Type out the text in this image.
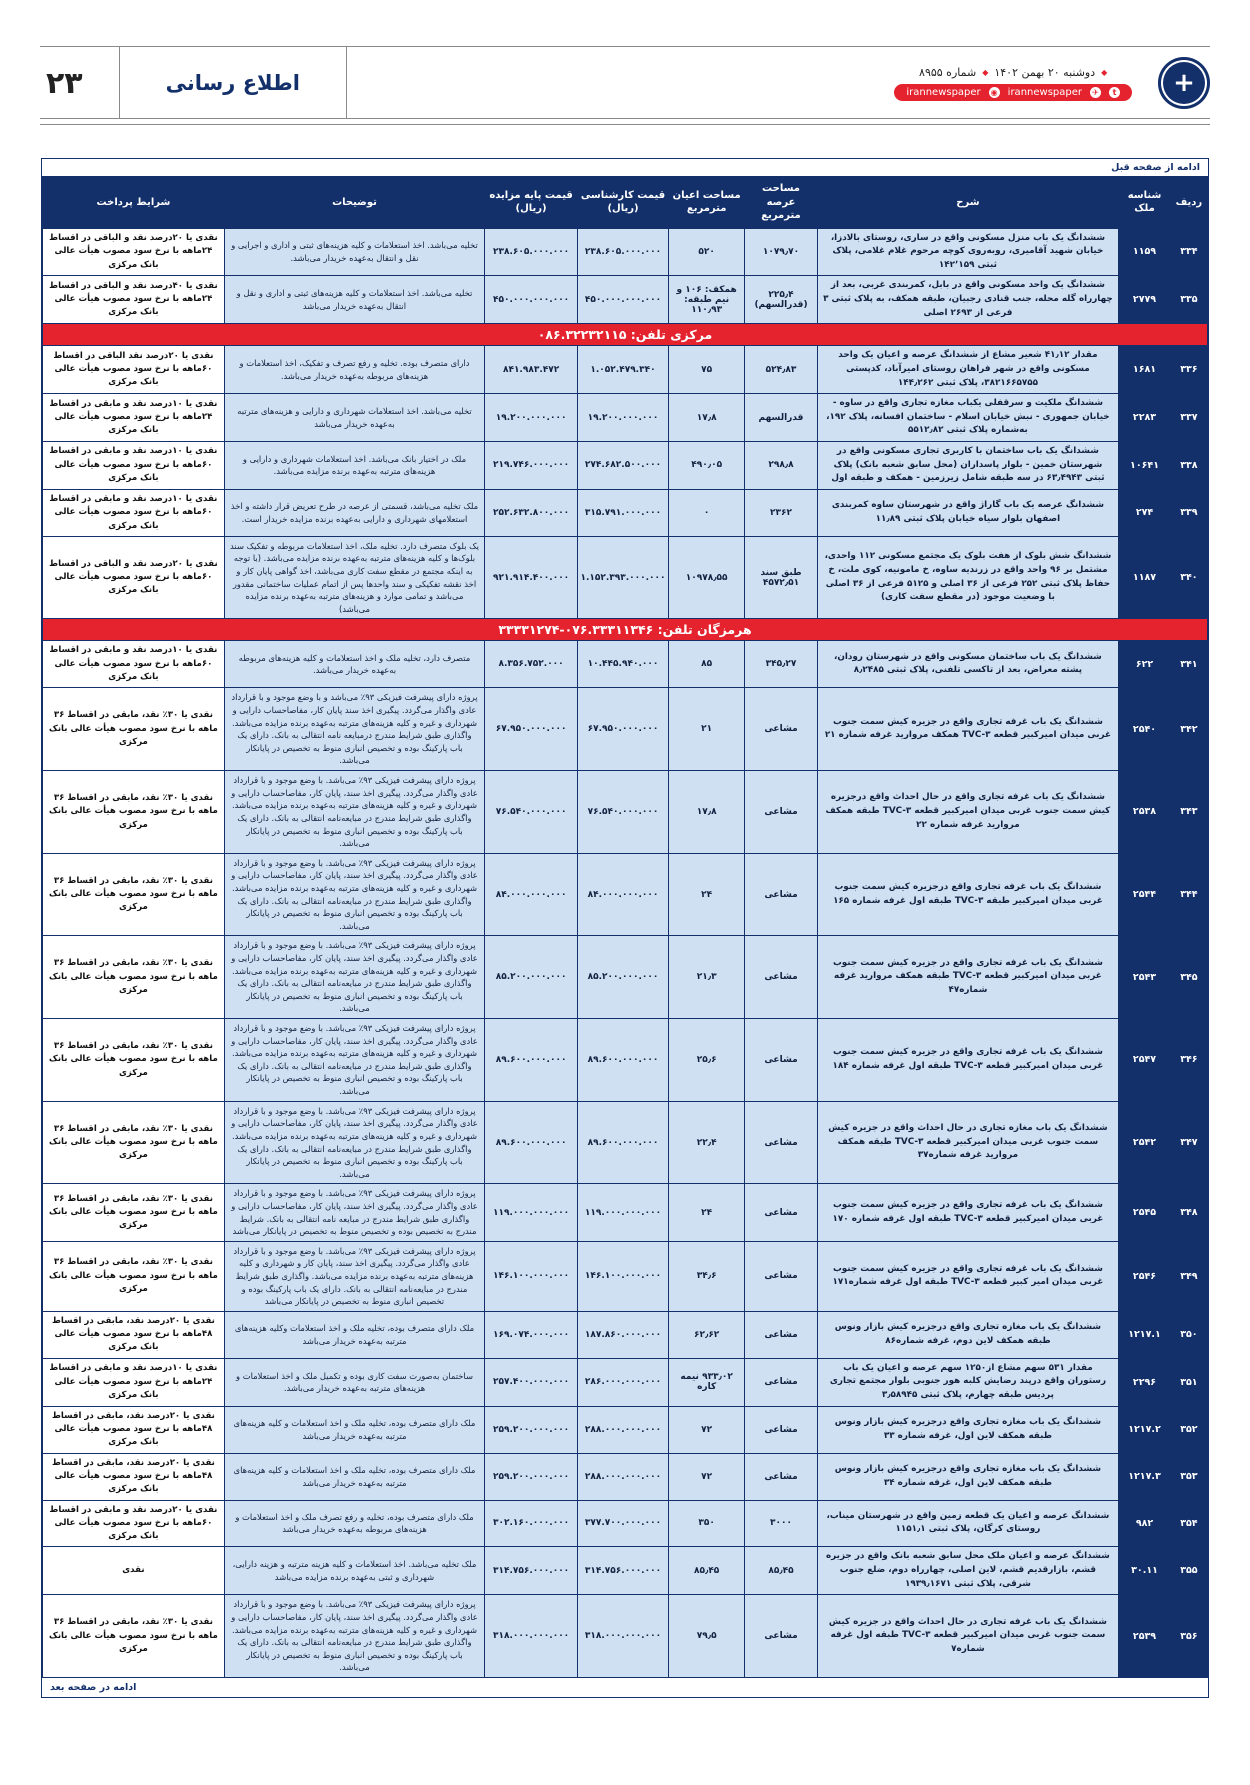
+
◆
دوشنبه ۲۰ بهمن ۱۴۰۲
◆
شماره ۸۹۵۵
t
✈
irannewspaper
◉
irannewspaper
اطلاع رسانی
۲۳
ادامه از صفحه قبل
ردیف	شناسه ملک	شرح	مساحت عرصه مترمربع	مساحت اعیان مترمربع	قیمت کارشناسی (ریال)	قیمت پایه مزایده (ریال)	توضیحات	شرایط پرداخت
۳۳۴	۱۱۵۹	ششدانگ یک باب منزل مسکونی واقع در ساری، روستای بالادزا، خیابان شهید آقامیری، روبه‌روی کوچه مرحوم غلام غلامی، پلاک ثبتی ۱۴۲٬۱۵۹	۱۰۷۹٫۷۰	۵۲۰	۲۳۸.۶۰۵.۰۰۰.۰۰۰	۲۳۸.۶۰۵.۰۰۰.۰۰۰	تخلیه می‌باشد. اخذ استعلامات و کلیه هزینه‌های ثبتی و اداری و اجرایی و نقل و انتقال به‌عهده خریدار می‌باشد.	نقدی یا ۲۰درصد نقد و الباقی در اقساط ۲۴ماهه با نرخ سود مصوب هیأت عالی بانک مرکزی
۳۳۵	۲۷۷۹	ششدانگ یک واحد مسکونی واقع در بابل، کمربندی غربی، بعد از چهارراه گله محله، جنب قنادی رجبیان، طبقه همکف، به پلاک ثبتی ۳ فرعی از ۲۶۹۳ اصلی	۲۲۵٫۴ (قدرالسهم)	همکف: ۱۰۶ و نیم طبقه: ۱۱۰٫۹۳	۴۵۰.۰۰۰.۰۰۰.۰۰۰	۴۵۰.۰۰۰.۰۰۰.۰۰۰	تخلیه می‌باشد. اخذ استعلامات و کلیه هزینه‌های ثبتی و اداری و نقل و انتقال به‌عهده خریدار می‌باشد	نقدی یا ۴۰درصد نقد و الباقی در اقساط ۲۴ماهه با نرخ سود مصوب هیأت عالی بانک مرکزی
مرکزی تلفن: ۰۸۶.۳۲۲۳۲۱۱۵								
۳۳۶	۱۶۸۱	مقدار ۴۱٫۱۲ شعیر مشاع از ششدانگ عرصه و اعیان یک واحد مسکونی واقع در شهر فراهان روستای امیرآباد، کدپستی ۳۸۲۱۶۶۵۷۵۵، پلاک ثبتی ۱۴۴٫۲۶۲	۵۲۴٫۸۳	۷۵	۱.۰۵۲.۴۷۹.۳۴۰	۸۴۱.۹۸۳.۴۷۲	دارای متصرف بوده. تخلیه و رفع تصرف و تفکیک، اخذ استعلامات و هزینه‌های مربوطه به‌عهده خریدار می‌باشد.	نقدی یا ۲۰درصد نقد الباقی در اقساط ۶۰ماهه با نرخ سود مصوب هیأت عالی بانک مرکزی
۳۳۷	۲۲۸۳	ششدانگ ملکیت و سرقفلی یکباب مغازه تجاری واقع در ساوه - خیابان جمهوری - نبش خیابان اسلام - ساختمان افسانه، پلاک ۱۹۲، به‌شماره پلاک ثبتی ۵۵۱۲٫۸۲	قدرالسهم	۱۷٫۸	۱۹.۲۰۰.۰۰۰.۰۰۰	۱۹.۲۰۰.۰۰۰.۰۰۰	تخلیه می‌باشد. اخذ استعلامات شهرداری و دارایی و هزینه‌های مترتبه به‌عهده خریدار می‌باشد	نقدی یا ۱۰درصد نقد و مابقی در اقساط ۲۴ماهه با نرخ سود مصوب هیأت عالی بانک مرکزی
۳۳۸	۱۰۶۴۱	ششدانگ یک باب ساختمان با کاربری تجاری مسکونی واقع در شهرستان خمین - بلوار پاسداران (محل سابق شعبه بانک) پلاک ثبتی ۶۳٫۴۹۴۳ در سه طبقه شامل زیرزمین - همکف و طبقه اول	۲۹۸٫۸	۴۹۰٫۰۵	۲۷۴.۶۸۲.۵۰۰.۰۰۰	۲۱۹.۷۴۶.۰۰۰.۰۰۰	ملک در اختیار بانک می‌باشد. اخذ استعلامات شهرداری و دارایی و هزینه‌های مترتبه به‌عهده برنده مزایده می‌باشد.	نقدی یا ۱۰درصد نقد و مابقی در اقساط ۶۰ماهه با نرخ سود مصوب هیأت عالی بانک مرکزی
۳۳۹	۲۷۴	ششدانگ عرصه یک باب گاراژ واقع در شهرستان ساوه کمربندی اصفهان بلوار سیاه خیابان پلاک ثبتی ۱۱٫۸۹	۲۳۶۲	۰	۳۱۵.۷۹۱.۰۰۰.۰۰۰	۲۵۲.۶۳۲.۸۰۰.۰۰۰	ملک تخلیه می‌باشد، قسمتی از عرصه در طرح تعریض قرار داشته و اخذ استعلامهای شهرداری و دارایی به‌عهده برنده مزایده خریدار است.	نقدی یا ۱۰درصد نقد و مابقی در اقساط ۶۰ماهه با نرخ سود مصوب هیأت عالی بانک مرکزی
۳۴۰	۱۱۸۷	ششدانگ شش بلوک از هفت بلوک یک مجتمع مسکونی ۱۱۲ واحدی، مشتمل بر ۹۶ واحد واقع در زرندیه ساوه، خ مامونیه، کوی ملت، خ حفاظ پلاک ثبتی ۲۵۲ فرعی از ۳۶ اصلی و ۵۱۲۵ فرعی از ۳۶ اصلی با وضعیت موجود (در مقطع سفت کاری)	طبق سند ۴۵۷۲٫۵۱	۱۰۹۷۸٫۵۵	۱.۱۵۲.۳۹۳.۰۰۰.۰۰۰	۹۲۱.۹۱۴.۴۰۰.۰۰۰	یک بلوک متصرف دارد. تخلیه ملک، اخذ استعلامات مربوطه و تفکیک سند بلوک‌ها و کلیه هزینه‌های مترتبه به‌عهده برنده مزایده می‌باشد. (با توجه به اینکه مجتمع در مقطع سفت کاری می‌باشد، اخذ گواهی پایان کار و اخذ نقشه تفکیکی و سند واحدها پس از اتمام عملیات ساختمانی مقدور می‌باشد و تمامی موارد و هزینه‌های مترتبه به‌عهده برنده مزایده می‌باشد)	نقدی یا ۲۰درصد نقد و الباقی در اقساط ۶۰ماهه با نرخ سود مصوب هیأت عالی بانک مرکزی
هرمزگان تلفن: ۰۷۶.۳۳۳۱۱۳۴۶-۳۳۳۳۱۲۷۴								
۳۴۱	۶۲۲	ششدانگ یک باب ساختمان مسکونی واقع در شهرستان رودان، پشته معراض، بعد از تاکسی تلفنی، پلاک ثبتی ۸٫۲۴۸۵	۳۴۵٫۲۷	۸۵	۱۰.۴۴۵.۹۴۰.۰۰۰	۸.۳۵۶.۷۵۲.۰۰۰	متصرف دارد، تخلیه ملک و اخذ استعلامات و کلیه هزینه‌های مربوطه به‌عهده خریدار می‌باشد.	نقدی یا ۱۰درصد نقد و مابقی در اقساط ۶۰ماهه با نرخ سود مصوب هیأت عالی بانک مرکزی
۳۴۲	۲۵۴۰	ششدانگ یک باب غرفه تجاری واقع در جزیره کیش سمت جنوب غربی میدان امیرکبیر قطعه TVC-۳ همکف مروارید غرفه شماره ۲۱	مشاعی	۲۱	۶۷.۹۵۰.۰۰۰.۰۰۰	۶۷.۹۵۰.۰۰۰.۰۰۰	پروژه دارای پیشرفت فیزیکی ۹۳٪ می‌باشد و با وضع موجود و با قرارداد عادی واگذار می‌گردد. پیگیری اخذ سند پایان کار، مفاصاحساب دارایی و شهرداری و غیره و کلیه هزینه‌های مترتبه به‌عهده برنده مزایده می‌باشد. واگذاری طبق شرایط مندرج درمبایعه نامه انتقالی به بانک. دارای یک باب پارکینگ بوده و تخصیص انباری منوط به تخصیص در پایانکار می‌باشد.	نقدی یا ۳۰٪ نقد، مابقی در اقساط ۳۶ ماهه با نرخ سود مصوب هیأت عالی بانک مرکزی
۳۴۳	۲۵۳۸	ششدانگ یک باب غرفه تجاری واقع در حال احداث واقع درجزیره کیش سمت جنوب غربی میدان امیرکبیر قطعه TVC-۳ طبقه همکف مروارید غرفه شماره ۲۲	مشاعی	۱۷٫۸	۷۶.۵۴۰.۰۰۰.۰۰۰	۷۶.۵۴۰.۰۰۰.۰۰۰	پروژه دارای پیشرفت فیزیکی ۹۳٪ می‌باشد. با وضع موجود و با قرارداد عادی واگذار می‌گردد. پیگیری اخذ سند، پایان کار، مفاصاحساب دارایی و شهرداری و غیره و کلیه هزینه‌های مترتبه به‌عهده برنده مزایده می‌باشد. واگذاری طبق شرایط مندرج در مبایعه‌نامه انتقالی به بانک. دارای یک باب پارکینگ بوده و تخصیص انباری منوط به تخصیص در پایانکار می‌باشد.	نقدی یا ۳۰٪ نقد، مابقی در اقساط ۳۶ ماهه با نرخ سود مصوب هیأت عالی بانک مرکزی
۳۴۴	۲۵۴۴	ششدانگ یک باب غرفه تجاری واقع درجزیره کیش سمت جنوب غربی میدان امیرکبیر طبقه TVC-۳ طبقه اول غرفه شماره ۱۶۵	مشاعی	۲۴	۸۴.۰۰۰.۰۰۰.۰۰۰	۸۴.۰۰۰.۰۰۰.۰۰۰	پروژه دارای پیشرفت فیزیکی ۹۳٪ می‌باشد. با وضع موجود و با قرارداد عادی واگذار می‌گردد. پیگیری اخذ سند، پایان کار، مفاصاحساب دارایی و شهرداری و غیره و کلیه هزینه‌های مترتبه به‌عهده برنده مزایده می‌باشد. واگذاری طبق شرایط مندرج در مبایعه‌نامه انتقالی به بانک. دارای یک باب پارکینگ بوده و تخصیص انباری منوط به تخصیص در پایانکار می‌باشد.	نقدی یا ۳۰٪ نقد، مابقی در اقساط ۳۶ ماهه با نرخ سود مصوب هیأت عالی بانک مرکزی
۳۴۵	۲۵۴۳	ششدانگ یک باب غرفه تجاری واقع در جزیره کیش سمت جنوب غربی میدان امیرکبیر قطعه TVC-۳ طبقه همکف مروارید غرفه شماره۴۷	مشاعی	۲۱٫۳	۸۵.۲۰۰.۰۰۰.۰۰۰	۸۵.۲۰۰.۰۰۰.۰۰۰	پروژه دارای پیشرفت فیزیکی ۹۳٪ می‌باشد. با وضع موجود و با قرارداد عادی واگذار می‌گردد. پیگیری اخذ سند، پایان کار، مفاصاحساب دارایی و شهرداری و غیره و کلیه هزینه‌های مترتبه به‌عهده برنده مزایده می‌باشد. واگذاری طبق شرایط مندرج در مبایعه‌نامه انتقالی به بانک. دارای یک باب پارکینگ بوده و تخصیص انباری منوط به تخصیص در پایانکار می‌باشد.	نقدی یا ۳۰٪ نقد، مابقی در اقساط ۳۶ ماهه با نرخ سود مصوب هیأت عالی بانک مرکزی
۳۴۶	۲۵۴۷	ششدانگ یک باب غرفه تجاری واقع در جزیره کیش سمت جنوب غربی میدان امیرکبیر قطعه TVC-۳ طبقه اول غرفه شماره ۱۸۴	مشاعی	۲۵٫۶	۸۹.۶۰۰.۰۰۰.۰۰۰	۸۹.۶۰۰.۰۰۰.۰۰۰	پروژه دارای پیشرفت فیزیکی ۹۳٪ می‌باشد. با وضع موجود و با قرارداد عادی واگذار می‌گردد. پیگیری اخذ سند، پایان کار، مفاصاحساب دارایی و شهرداری و غیره و کلیه هزینه‌های مترتبه به‌عهده برنده مزایده می‌باشد. واگذاری طبق شرایط مندرج در مبایعه‌نامه انتقالی به بانک. دارای یک باب پارکینگ بوده و تخصیص انباری منوط به تخصیص در پایانکار می‌باشد.	نقدی یا ۳۰٪ نقد، مابقی در اقساط ۳۶ ماهه با نرخ سود مصوب هیأت عالی بانک مرکزی
۳۴۷	۲۵۴۲	ششدانگ یک باب مغازه تجاری در حال احداث واقع در جزیره کیش سمت جنوب غربی میدان امیرکبیر قطعه TVC-۳ طبقه همکف مروارید غرفه شماره۳۷	مشاعی	۲۲٫۴	۸۹.۶۰۰.۰۰۰.۰۰۰	۸۹.۶۰۰.۰۰۰.۰۰۰	پروژه دارای پیشرفت فیزیکی ۹۳٪ می‌باشد. با وضع موجود و با قرارداد عادی واگذار می‌گردد. پیگیری اخذ سند، پایان کار، مفاصاحساب دارایی و شهرداری و غیره و کلیه هزینه‌های مترتبه به‌عهده برنده مزایده می‌باشد. واگذاری طبق شرایط مندرج در مبایعه‌نامه انتقالی به بانک. دارای یک باب پارکینگ بوده و تخصیص انباری منوط به تخصیص در پایانکار می‌باشد.	نقدی یا ۳۰٪ نقد، مابقی در اقساط ۳۶ ماهه با نرخ سود مصوب هیأت عالی بانک مرکزی
۳۴۸	۲۵۴۵	ششدانگ یک باب غرفه تجاری واقع در جزیره کیش سمت جنوب غربی میدان امیرکبیر قطعه TVC-۳ طبقه اول غرفه شماره ۱۷۰	مشاعی	۲۴	۱۱۹.۰۰۰.۰۰۰.۰۰۰	۱۱۹.۰۰۰.۰۰۰.۰۰۰	پروژه دارای پیشرفت فیزیکی ۹۳٪ می‌باشد. با وضع موجود و با قرارداد عادی واگذار می‌گردد. پیگیری اخذ سند، پایان کار، مفاصاحساب دارایی و واگذاری طبق شرایط مندرج در مبایعه نامه انتقالی به بانک. شرایط مندرج به تخصیص بوده و تخصیص منوط به تخصیص در پایانکار می‌باشد	نقدی یا ۳۰٪ نقد، مابقی در اقساط ۳۶ ماهه با نرخ سود مصوب هیأت عالی بانک مرکزی
۳۴۹	۲۵۴۶	ششدانگ یک باب غرفه تجاری واقع در جزیره کیش سمت جنوب غربی میدان امیر کبیر قطعه TVC-۳ طبقه اول غرفه شماره۱۷۱	مشاعی	۳۴٫۶	۱۴۶.۱۰۰.۰۰۰.۰۰۰	۱۴۶.۱۰۰.۰۰۰.۰۰۰	پروژه دارای پیشرفت فیزیکی ۹۳٪ می‌باشد. با وضع موجود و با قرارداد عادی واگذار می‌گردد. پیگیری اخذ سند، پایان کار و شهرداری و کلیه هزینه‌های مترتبه به‌عهده برنده مزایده می‌باشد. واگذاری طبق شرایط مندرج در مبایعه‌نامه انتقالی به بانک. دارای یک باب پارکینگ بوده و تخصیص انباری منوط به تخصیص در پایانکار می‌باشد	نقدی یا ۳۰٪ نقد، مابقی در اقساط ۳۶ ماهه با نرخ سود مصوب هیأت عالی بانک مرکزی
۳۵۰	۱۲۱۷.۱	ششدانگ یک باب مغازه تجاری واقع درجزیره کیش بازار ونوس طبقه همکف لاین دوم، غرفه شماره۸۶	مشاعی	۶۲٫۶۲	۱۸۷.۸۶۰.۰۰۰.۰۰۰	۱۶۹.۰۷۴.۰۰۰.۰۰۰	ملک دارای متصرف بوده، تخلیه ملک و اخذ استعلامات وکلیه هزینه‌های مترتبه به‌عهده خریدار می‌باشد	نقدی یا ۲۰درصد نقد، مابقی در اقساط ۴۸ماهه با نرخ سود مصوب هیأت عالی بانک مرکزی
۳۵۱	۲۲۹۶	مقدار ۵۳۱ سهم مشاع از۱۲۵۰ سهم عرصه و اعیان یک باب رستوران واقع درپند رضایش کلبه هور جنوبی بلوار مجتمع تجاری پردیس طبقه چهارم، پلاک ثبتی ۳٫۵۸۹۴۵	مشاعی	۹۳۳٫۰۲ نیمه کاره	۲۸۶.۰۰۰.۰۰۰.۰۰۰	۲۵۷.۴۰۰.۰۰۰.۰۰۰	ساختمان به‌صورت سفت کاری بوده و تکمیل ملک و اخذ استعلامات و هزینه‌های مترتبه به‌عهده خریدار می‌باشد.	نقدی یا ۱۰درصد نقد و مابقی در اقساط ۲۴ماهه با نرخ سود مصوب هیأت عالی بانک مرکزی
۳۵۲	۱۲۱۷.۲	ششدانگ یک باب مغازه تجاری واقع درجزیره کیش بازار ونوس طبقه همکف لاین اول، غرفه شماره ۳۳	مشاعی	۷۲	۲۸۸.۰۰۰.۰۰۰.۰۰۰	۲۵۹.۲۰۰.۰۰۰.۰۰۰	ملک دارای متصرف بوده، تخلیه ملک و اخذ استعلامات و کلیه هزینه‌های مترتبه به‌عهده خریدار می‌باشد	نقدی یا ۲۰درصد نقد، مابقی در اقساط ۴۸ماهه با نرخ سود مصوب هیأت عالی بانک مرکزی
۳۵۳	۱۲۱۷.۳	ششدانگ یک باب مغازه تجاری واقع درجزیره کیش بازار ونوس طبقه همکف لاین اول، غرفه شماره ۳۴	مشاعی	۷۲	۲۸۸.۰۰۰.۰۰۰.۰۰۰	۲۵۹.۲۰۰.۰۰۰.۰۰۰	ملک دارای متصرف بوده، تخلیه ملک و اخذ استعلامات و کلیه هزینه‌های مترتبه به‌عهده خریدار می‌باشد	نقدی یا ۲۰درصد نقد، مابقی در اقساط ۴۸ماهه با نرخ سود مصوب هیأت عالی بانک مرکزی
۳۵۴	۹۸۲	ششدانگ عرصه و اعیان یک قطعه زمین واقع در شهرستان میناب، روستای کرگان، پلاک ثبتی ۱۱۵۱٫۱	۳۰۰۰	۳۵۰	۳۷۷.۷۰۰.۰۰۰.۰۰۰	۳۰۲.۱۶۰.۰۰۰.۰۰۰	ملک دارای متصرف بوده، تخلیه و رفع تصرف ملک و اخذ استعلامات و هزینه‌های مربوطه به‌عهده خریدار می‌باشد	نقدی یا ۲۰درصد نقد و مابقی در اقساط ۶۰ماهه با نرخ سود مصوب هیأت عالی بانک مرکزی
۳۵۵	۳۰.۱۱	ششدانگ عرصه و اعیان ملک محل سابق شعبه بانک واقع در جزیره قشم، بازارقدیم قشم، لاین اصلی، چهارراه دوم، ضلع جنوب شرقی، پلاک ثبتی ۱۹۳۹٫۱۶۷۱	۸۵٫۴۵	۸۵٫۴۵	۳۱۴.۷۵۶.۰۰۰.۰۰۰	۳۱۴.۷۵۶.۰۰۰.۰۰۰	ملک تخلیه می‌باشد. اخذ استعلامات و کلیه هزینه مترتبه و هزینه دارایی، شهرداری و ثبتی به‌عهده برنده مزایده می‌باشد	نقدی
۳۵۶	۲۵۳۹	ششدانگ یک باب غرفه تجاری در حال احداث واقع در جزیره کیش سمت جنوب غربی میدان امیرکبیر قطعه TVC-۳ طبقه اول غرفه شماره۷	مشاعی	۷۹٫۵	۳۱۸.۰۰۰.۰۰۰.۰۰۰	۳۱۸.۰۰۰.۰۰۰.۰۰۰	پروژه دارای پیشرفت فیزیکی ۹۳٪ می‌باشد. با وضع موجود و با قرارداد عادی واگذار می‌گردد. پیگیری اخذ سند، پایان کار، مفاصاحساب دارایی و شهرداری و غیره و کلیه هزینه‌های مترتبه به‌عهده برنده مزایده می‌باشد. واگذاری طبق شرایط مندرج در مبایعه‌نامه انتقالی به بانک. دارای یک باب پارکینگ بوده و تخصیص انباری منوط به تخصیص در پایانکار می‌باشد.	نقدی یا ۳۰٪ نقد، مابقی در اقساط ۳۶ ماهه با نرخ سود مصوب هیأت عالی بانک مرکزی
ادامه در صفحه بعد
